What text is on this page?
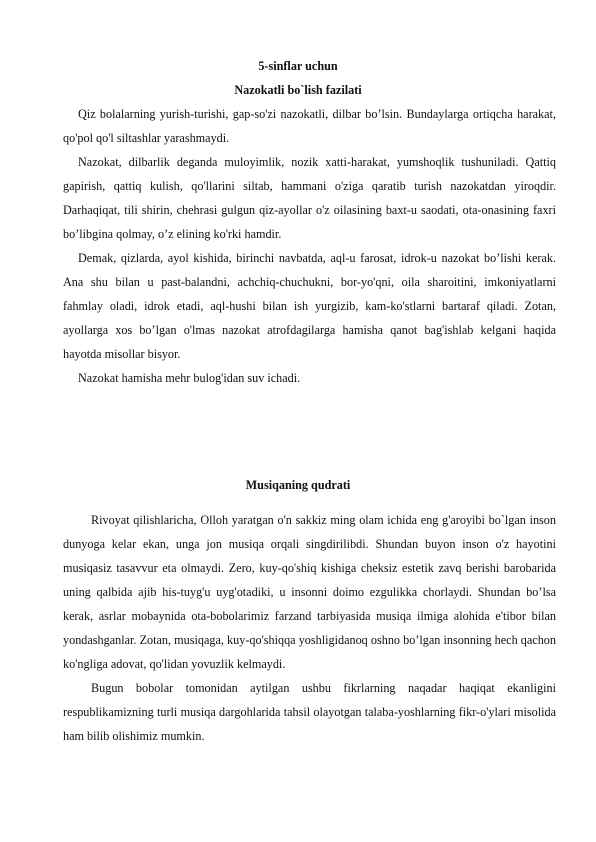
5-sinflar uchun
Nazokatli bo`lish fazilati

Qiz bolalarning yurish-turishi, gap-so'zi nazokatli, dilbar bo’lsin. Bundaylarga ortiqcha harakat, qo'pol qo'l siltashlar yarashmaydi.

Nazokat, dilbarlik deganda muloyimlik, nozik xatti-harakat, yumshoqlik tushuniladi. Qattiq gapirish, qattiq kulish, qo'llarini siltab, hammani o'ziga qaratib turish nazokatdan yiroqdir. Darhaqiqat, tili shirin, chehrasi gulgun qiz-ayollar o'z oilasining baxt-u saodati, ota-onasining faxri bo’libgina qolmay, o’z elining ko'rki hamdir.

Demak, qizlarda, ayol kishida, birinchi navbatda, aql-u farosat, idrok-u nazokat bo’lishi kerak. Ana shu bilan u past-balandni, achchiq-chuchukni, bor-yo'qni, oila sharoitini, imkoniyatlarni fahmlay oladi, idrok etadi, aql-hushi bilan ish yurgizib, kam-ko'stlarni bartaraf qiladi. Zotan, ayollarga xos bo’lgan o'lmas nazokat atrofdagilarga hamisha qanot bag'ishlab kelgani haqida hayotda misollar bisyor.

Nazokat hamisha mehr bulog'idan suv ichadi.

Musiqaning qudrati

Rivoyat qilishlaricha, Olloh yaratgan o'n sakkiz ming olam ichida eng g'aroyibi bo`lgan inson dunyoga kelar ekan, unga jon musiqa orqali singdirilibdi. Shundan buyon inson o'z hayotini musiqasiz tasavvur eta olmaydi. Zero, kuy-qo'shiq kishiga cheksiz estetik zavq berishi barobarida uning qalbida ajib his-tuyg'u uyg'otadiki, u insonni doimo ezgulikka chorlaydi. Shundan bo’lsa kerak, asrlar mobaynida ota-bobolarimiz farzand tarbiyasida musiqa ilmiga alohida e'tibor bilan yondashganlar. Zotan, musiqaga, kuy-qo'shiqqa yoshligidanoq oshno bo’lgan insonning hech qachon ko'ngliga adovat, qo'lidan yovuzlik kelmaydi.

Bugun bobolar tomonidan aytilgan ushbu fikrlarning naqadar haqiqat ekanligini respublikamizning turli musiqa dargohlarida tahsil olayotgan talaba-yoshlarning fikr-o'ylari misolida ham bilib olishimiz mumkin.
